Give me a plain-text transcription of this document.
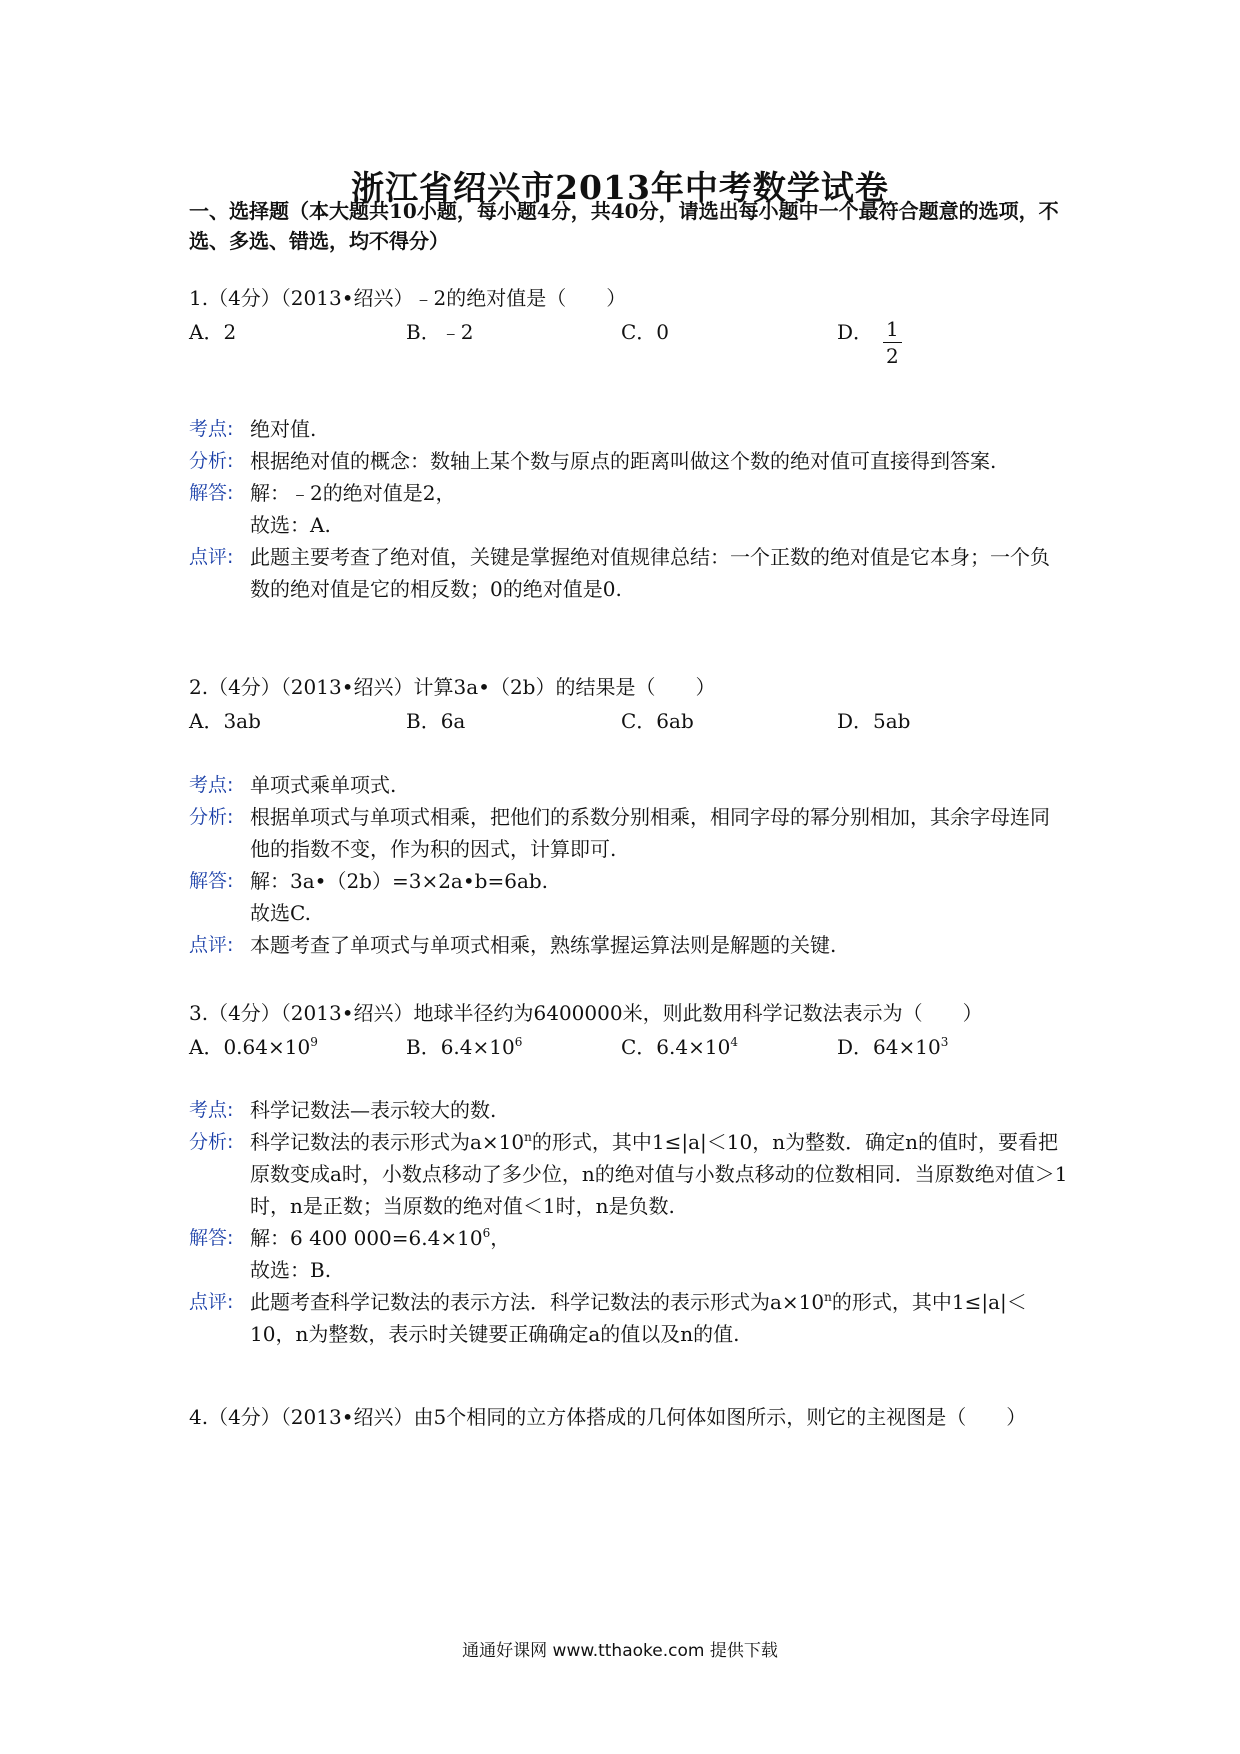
浙江省绍兴市2013年中考数学试卷
一、选择题（本大题共10小题，每小题4分，共40分，请选出每小题中一个最符合题意的选项，不选、多选、错选，均不得分）
1.（4分）（2013•绍兴）﹣2的绝对值是（　　）
A．2	B．﹣2	C．0	D． $\frac{1}{2}$
考点: 绝对值.
分析: 根据绝对值的概念：数轴上某个数与原点的距离叫做这个数的绝对值可直接得到答案.
解答: 解：﹣2的绝对值是2，
故选：A.
点评: 此题主要考查了绝对值，关键是掌握绝对值规律总结：一个正数的绝对值是它本身；一个负数的绝对值是它的相反数；0的绝对值是0.
2.（4分）（2013•绍兴）计算3a•（2b）的结果是（　　）
A．3ab	B．6a	C．6ab	D．5ab
考点: 单项式乘单项式.
分析: 根据单项式与单项式相乘，把他们的系数分别相乘，相同字母的幂分别相加，其余字母连同他的指数不变，作为积的因式，计算即可.
解答: 解：3a•（2b）=3×2a•b=6ab.
故选C.
点评: 本题考查了单项式与单项式相乘，熟练掌握运算法则是解题的关键.
3.（4分）（2013•绍兴）地球半径约为6400000米，则此数用科学记数法表示为（　　）
A．$0.64\times 10^9$	B．$6.4\times 10^6$	C．$6.4\times 10^4$	D．$64\times 10^3$
考点: 科学记数法—表示较大的数.
分析: 科学记数法的表示形式为$a\times 10^n$的形式，其中1≤|a|＜10，n为整数．确定n的值时，要看把原数变成a时，小数点移动了多少位，n的绝对值与小数点移动的位数相同．当原数绝对值＞1时，n是正数；当原数的绝对值＜1时，n是负数.
解答: 解：6 400 $000=6.4\times 10^6$，
故选：B.
点评: 此题考查科学记数法的表示方法．科学记数法的表示形式为$a\times 10^n$的形式，其中1≤|a|＜10，n为整数，表示时关键要正确确定a的值以及n的值.
4.（4分）（2013•绍兴）由5个相同的立方体搭成的几何体如图所示，则它的主视图是（　　）
通通好课网 www.tthaoke.com 提供下载
